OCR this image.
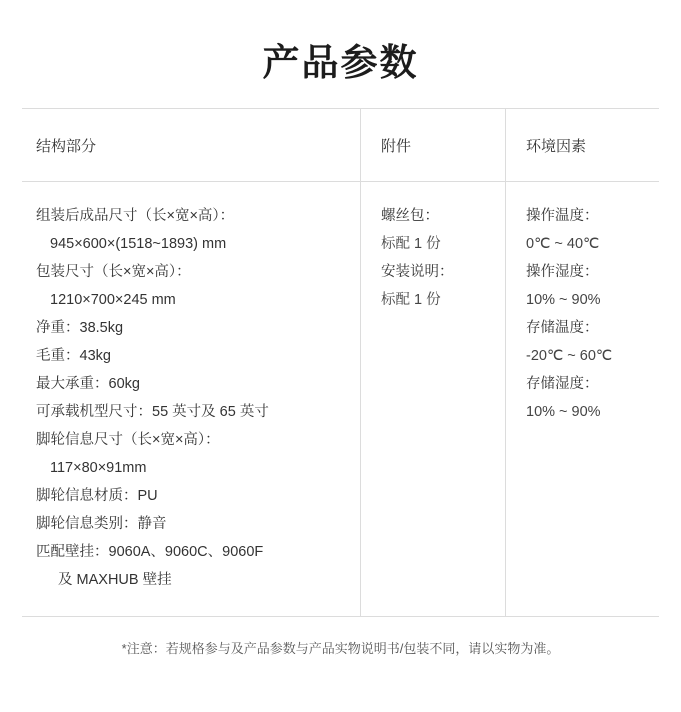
产品参数
结构部分	附件	环境因素
组装后成品尺寸（长×宽×高）：
945×600×(1518~1893) mm
包装尺寸（长×宽×高）：
1210×700×245 mm
净重：38.5kg
毛重：43kg
最大承重：60kg
可承载机型尺寸：55 英寸及 65 英寸
脚轮信息尺寸（长×宽×高）：
117×80×91mm
脚轮信息材质：PU
脚轮信息类别：静音
匹配壁挂：9060A、9060C、9060F
及 MAXHUB 壁挂
螺丝包：
标配 1 份
安装说明：
标配 1 份
操作温度：
0℃ ~ 40℃
操作湿度：
10% ~ 90%
存储温度：
-20℃ ~ 60℃
存储湿度：
10% ~ 90%
*注意：若规格参与及产品参数与产品实物说明书/包装不同，请以实物为准。
